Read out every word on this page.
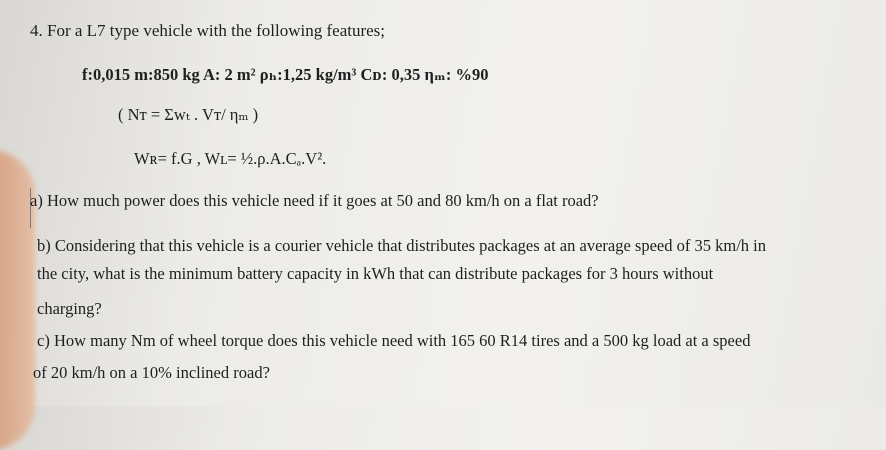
4. For a L7 type vehicle with the following features;
f:0,015 m:850 kg A: 2 m² ρₕ:1,25 kg/m³ Cᴅ: 0,35 ηₘ: %90
( Nᴛ = Σwₜ . Vᴛ/ ηₘ )
Wʀ= f.G , Wʟ= ½.ρ.A.Cₐ.V².
a) How much power does this vehicle need if it goes at 50 and 80 km/h on a flat road?
b) Considering that this vehicle is a courier vehicle that distributes packages at an average speed of 35 km/h in
the city, what is the minimum battery capacity in kWh that can distribute packages for 3 hours without
charging?
c) How many Nm of wheel torque does this vehicle need with 165 60 R14 tires and a 500 kg load at a speed
of 20 km/h on a 10% inclined road?
